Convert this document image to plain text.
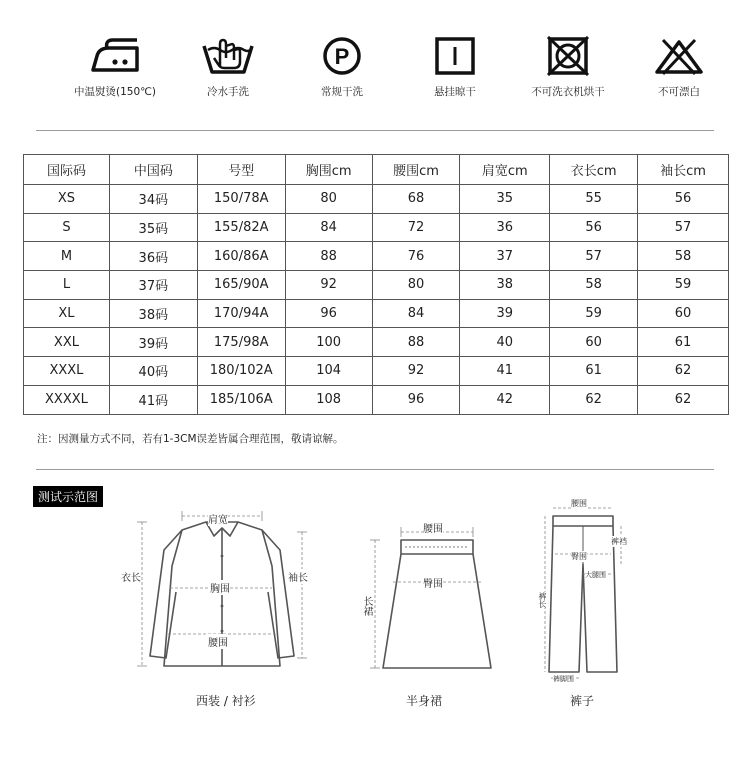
中温熨烫(150℃)	冷水手洗
P
常规干洗	悬挂晾干	不可洗衣机烘干	不可漂白
国际码	中国码	号型	胸围cm	腰围cm	肩宽cm	衣长cm	袖长cm
XS	34码	150/78A	80	68	35	55	56
S	35码	155/82A	84	72	36	56	57
M	36码	160/86A	88	76	37	57	58
L	37码	165/90A	92	80	38	58	59
XL	38码	170/94A	96	84	39	59	60
XXL	39码	175/98A	100	88	40	60	61
XXXL	40码	180/102A	104	92	41	61	62
XXXXL	41码	185/106A	108	96	42	62	62
注：因测量方式不同，若有1-3CM误差皆属合理范围，敬请谅解。
测试示范图
肩宽
胸围
腰围
衣长	袖长
西装 / 衬衫
腰围
臀围
长裙
半身裙
腰围
臀围
裤裆
大腿围
裤长
裤脚围
裤子
